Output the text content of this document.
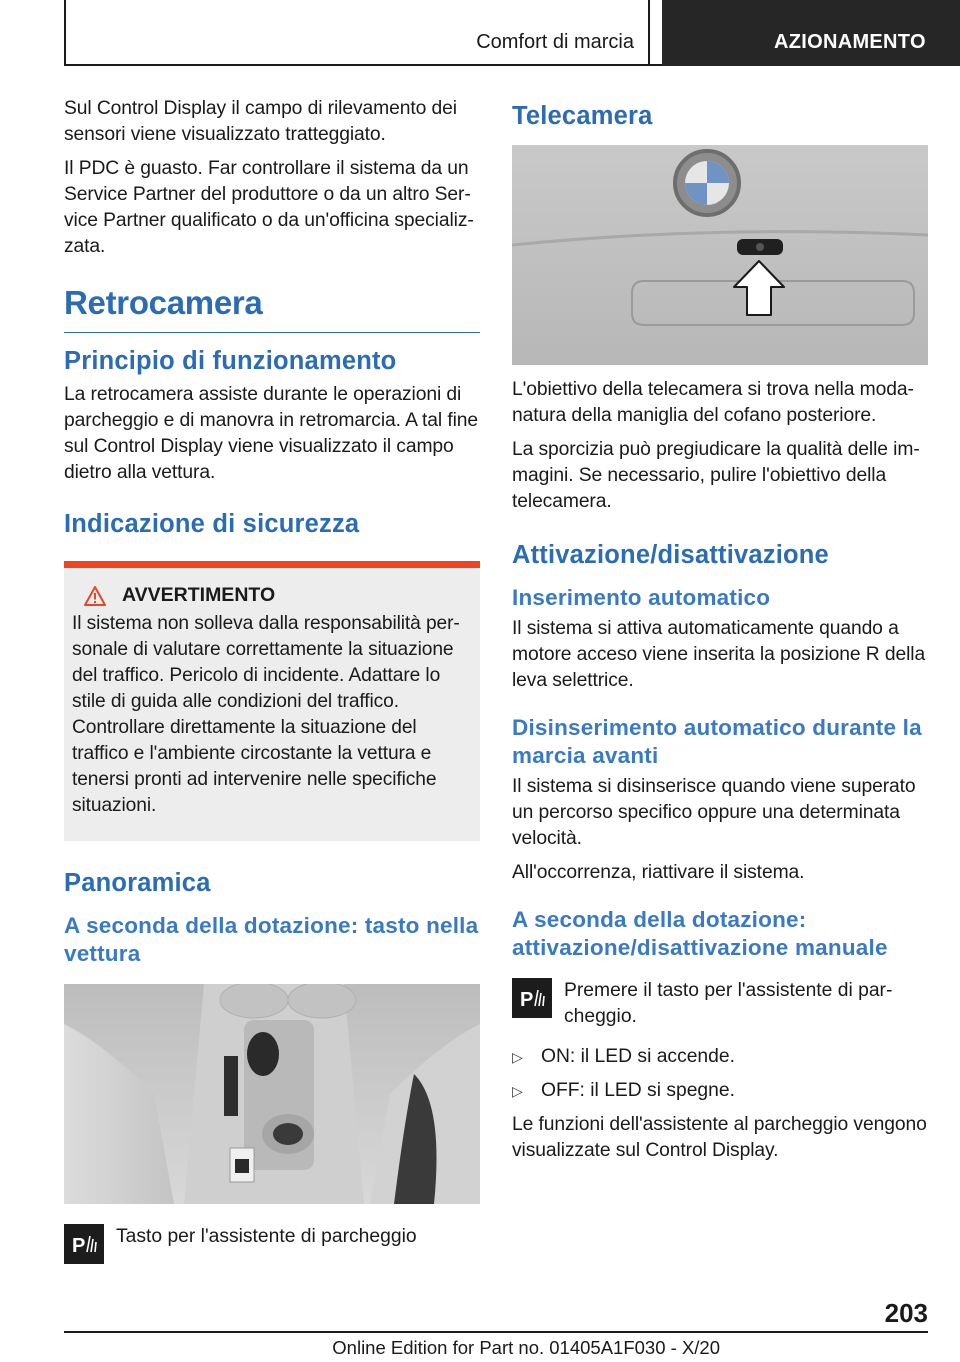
Comfort di marcia	AZIONAMENTO

Sul Control Display il campo di rilevamento dei sensori viene visualizzato tratteggiato.

Il PDC è guasto. Far controllare il sistema da un Service Partner del produttore o da un altro Service Partner qualificato o da un'officina specializzata.

Retrocamera
Principio di funzionamento

La retrocamera assiste durante le operazioni di parcheggio e di manovra in retromarcia. A tal fine sul Control Display viene visualizzato il campo dietro alla vettura.

Indicazione di sicurezza
AVVERTIMENTO

Il sistema non solleva dalla responsabilità personale di valutare correttamente la situazione del traffico. Pericolo di incidente. Adattare lo stile di guida alle condizioni del traffico. Controllare direttamente la situazione del traffico e l'ambiente circostante la vettura e tenersi pronti ad intervenire nelle specifiche situazioni.

Panoramica
A seconda della dotazione: tasto nella vettura
P Tasto per l'assistente di parcheggio

Telecamera

L'obiettivo della telecamera si trova nella modanatura della maniglia del cofano posteriore.

La sporcizia può pregiudicare la qualità delle immagini. Se necessario, pulire l'obiettivo della telecamera.

Attivazione/disattivazione
Inserimento automatico

Il sistema si attiva automaticamente quando a motore acceso viene inserita la posizione R della leva selettrice.

Disinserimento automatico durante la marcia avanti

Il sistema si disinserisce quando viene superato un percorso specifico oppure una determinata velocità.

All'occorrenza, riattivare il sistema.

A seconda della dotazione: attivazione/disattivazione manuale
P Premere il tasto per l'assistente di parcheggio.

▷ ON: il LED si accende.
▷ OFF: il LED si spegne.

Le funzioni dell'assistente al parcheggio vengono visualizzate sul Control Display.

203
Online Edition for Part no. 01405A1F030 - X/20
